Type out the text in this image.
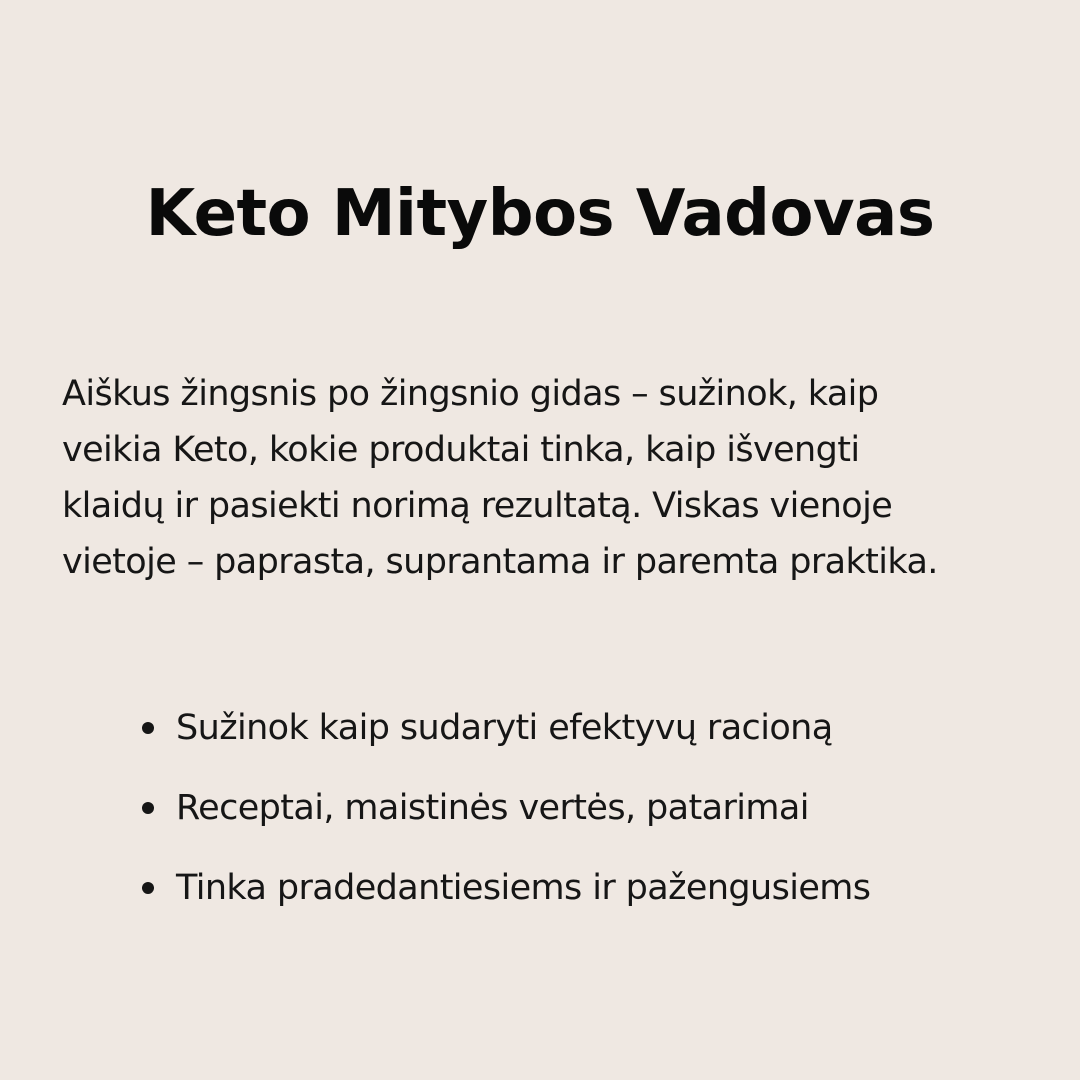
Keto Mitybos Vadovas

Aiškus žingsnis po žingsnio gidas – sužinok, kaip
veikia Keto, kokie produktai tinka, kaip išvengti
klaidų ir pasiekti norimą rezultatą. Viskas vienoje
vietoje – paprasta, suprantama ir paremta praktika.

Sužinok kaip sudaryti efektyvų racioną
Receptai, maistinės vertės, patarimai
Tinka pradedantiesiems ir pažengusiems
